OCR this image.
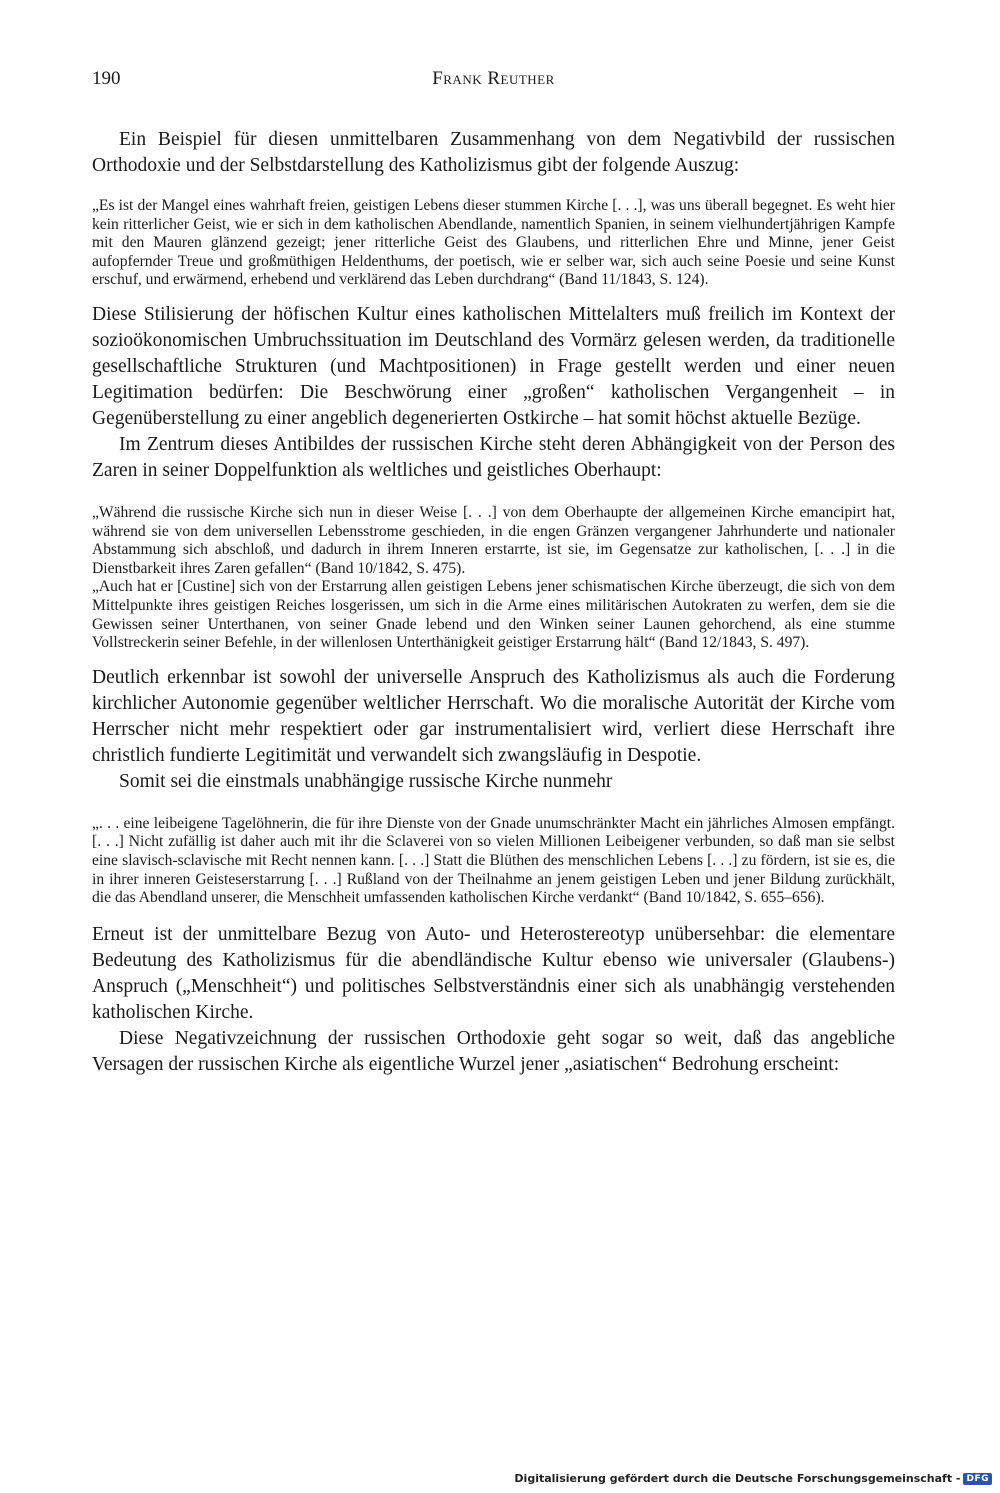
190	Frank Reuther

Ein Beispiel für diesen unmittelbaren Zusammenhang von dem Negativbild der russischen Orthodoxie und der Selbstdarstellung des Katholizismus gibt der folgende Auszug:

„Es ist der Mangel eines wahrhaft freien, geistigen Lebens dieser stummen Kirche [. . .], was uns überall begegnet. Es weht hier kein ritterlicher Geist, wie er sich in dem katholischen Abendlande, namentlich Spanien, in seinem vielhundertjährigen Kampfe mit den Mauren glänzend gezeigt; jener ritterliche Geist des Glaubens, und ritterlichen Ehre und Minne, jener Geist aufopfernder Treue und großmüthigen Heldenthums, der poetisch, wie er selber war, sich auch seine Poesie und seine Kunst erschuf, und erwärmend, erhebend und verklärend das Leben durchdrang“ (Band 11/1843, S. 124).

Diese Stilisierung der höfischen Kultur eines katholischen Mittelalters muß freilich im Kontext der sozioökonomischen Umbruchssituation im Deutschland des Vormärz gelesen werden, da traditionelle gesellschaftliche Strukturen (und Machtpositionen) in Frage gestellt werden und einer neuen Legitimation bedürfen: Die Beschwörung einer „großen“ katholischen Vergangenheit – in Gegenüberstellung zu einer angeblich degenerierten Ostkirche – hat somit höchst aktuelle Bezüge.

Im Zentrum dieses Antibildes der russischen Kirche steht deren Abhängigkeit von der Person des Zaren in seiner Doppelfunktion als weltliches und geistliches Oberhaupt:

„Während die russische Kirche sich nun in dieser Weise [. . .] von dem Oberhaupte der allgemeinen Kirche emancipirt hat, während sie von dem universellen Lebensstrome geschieden, in die engen Gränzen vergangener Jahrhunderte und nationaler Abstammung sich abschloß, und dadurch in ihrem Inneren erstarrte, ist sie, im Gegensatze zur katholischen, [. . .] in die Dienstbarkeit ihres Zaren gefallen“ (Band 10/1842, S. 475).

„Auch hat er [Custine] sich von der Erstarrung allen geistigen Lebens jener schismatischen Kirche überzeugt, die sich von dem Mittelpunkte ihres geistigen Reiches losgerissen, um sich in die Arme eines militärischen Autokraten zu werfen, dem sie die Gewissen seiner Unterthanen, von seiner Gnade lebend und den Winken seiner Launen gehorchend, als eine stumme Vollstreckerin seiner Befehle, in der willenlosen Unterthänigkeit geistiger Erstarrung hält“ (Band 12/1843, S. 497).

Deutlich erkennbar ist sowohl der universelle Anspruch des Katholizismus als auch die Forderung kirchlicher Autonomie gegenüber weltlicher Herrschaft. Wo die moralische Autorität der Kirche vom Herrscher nicht mehr respektiert oder gar instrumentalisiert wird, verliert diese Herrschaft ihre christlich fundierte Legitimität und verwandelt sich zwangsläufig in Despotie.

Somit sei die einstmals unabhängige russische Kirche nunmehr

„. . . eine leibeigene Tagelöhnerin, die für ihre Dienste von der Gnade unumschränkter Macht ein jährliches Almosen empfängt. [. . .] Nicht zufällig ist daher auch mit ihr die Sclaverei von so vielen Millionen Leibeigener verbunden, so daß man sie selbst eine slavisch-sclavische mit Recht nennen kann. [. . .] Statt die Blüthen des menschlichen Lebens [. . .] zu fördern, ist sie es, die in ihrer inneren Geisteserstarrung [. . .] Rußland von der Theilnahme an jenem geistigen Leben und jener Bildung zurückhält, die das Abendland unserer, die Menschheit umfassenden katholischen Kirche verdankt“ (Band 10/1842, S. 655–656).

Erneut ist der unmittelbare Bezug von Auto- und Heterostereotyp unübersehbar: die elementare Bedeutung des Katholizismus für die abendländische Kultur ebenso wie universaler (Glaubens-) Anspruch („Menschheit“) und politisches Selbstverständnis einer sich als unabhängig verstehenden katholischen Kirche.

Diese Negativzeichnung der russischen Orthodoxie geht sogar so weit, daß das angebliche Versagen der russischen Kirche als eigentliche Wurzel jener „asiatischen“ Bedrohung erscheint:

Digitalisierung gefördert durch die Deutsche Forschungsgemeinschaft - DFG
